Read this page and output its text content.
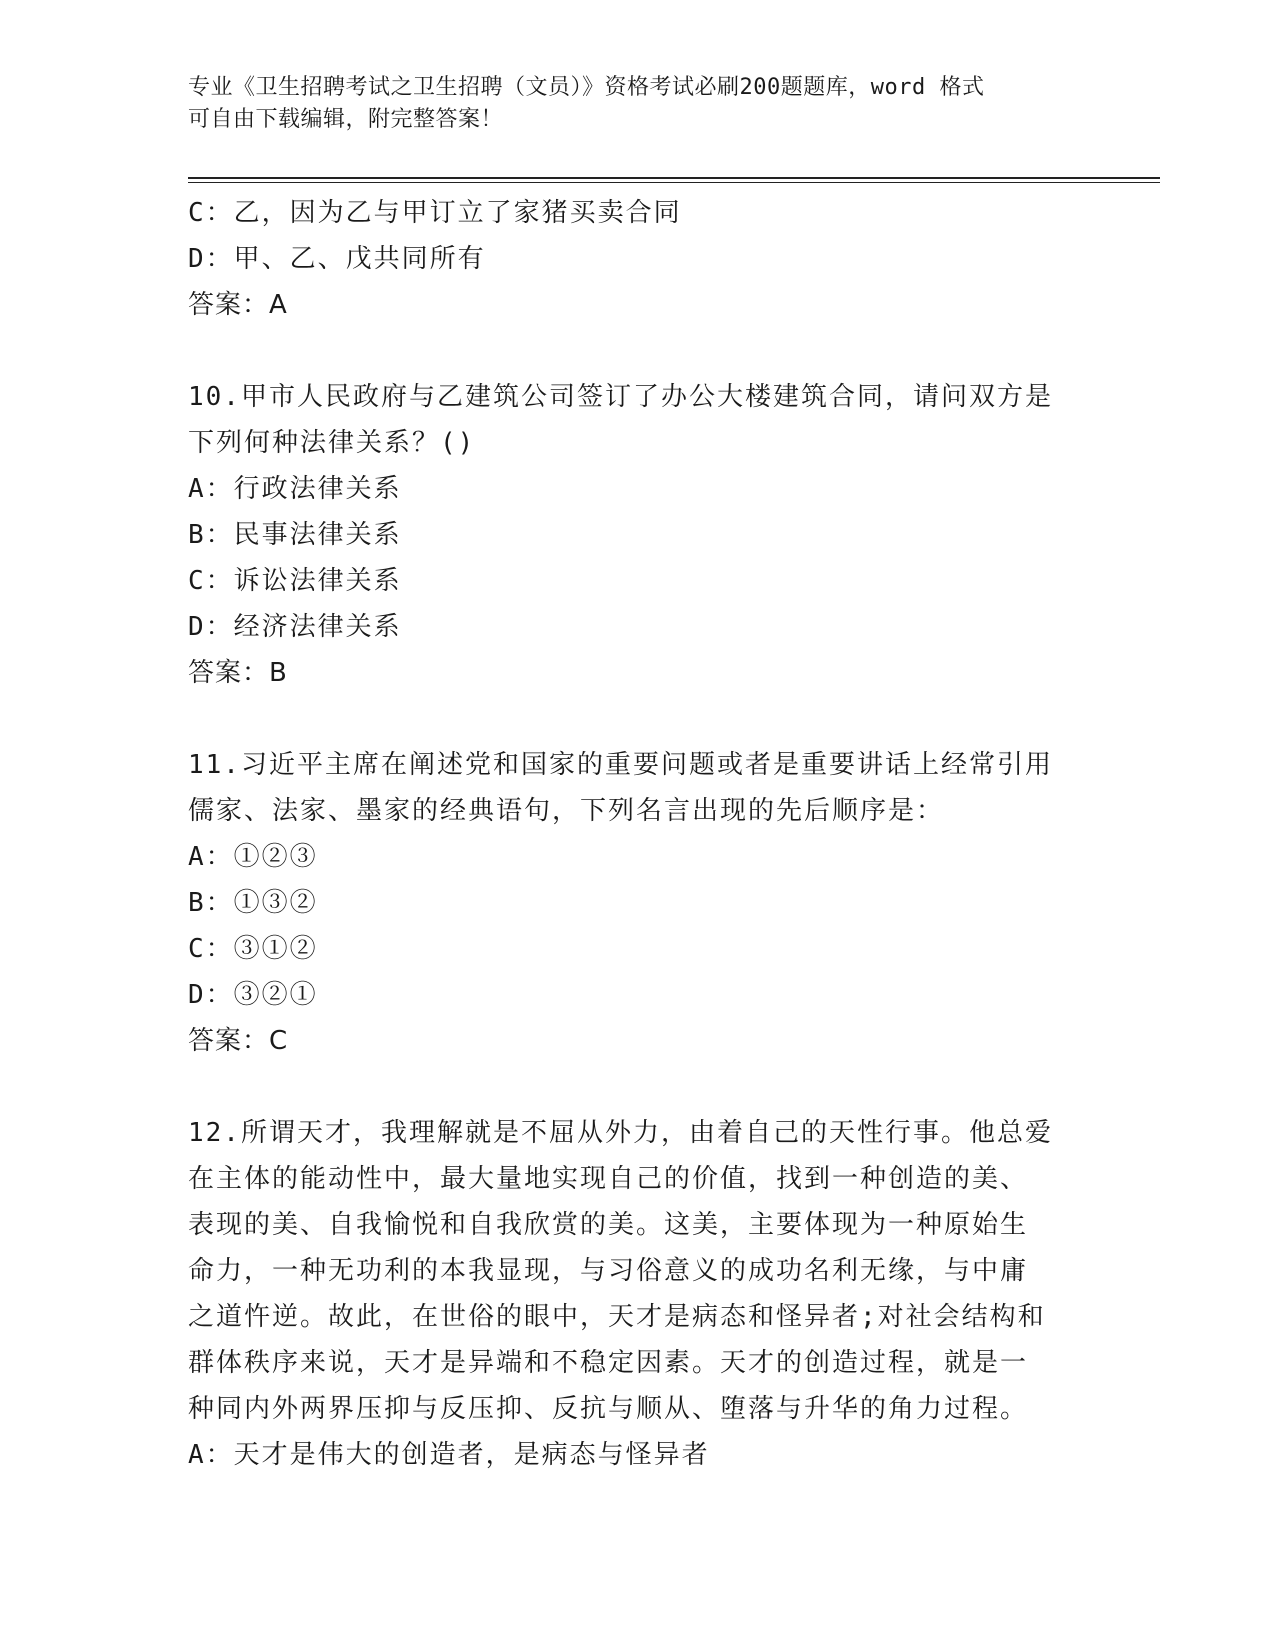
专业《卫生招聘考试之卫生招聘（文员）》资格考试必刷200题题库，word 格式

可自由下载编辑，附完整答案！

C：乙，因为乙与甲订立了家猪买卖合同
D：甲、乙、戊共同所有
答案：A
10.甲市人民政府与乙建筑公司签订了办公大楼建筑合同，请问双方是
下列何种法律关系？()
A：行政法律关系
B：民事法律关系
C：诉讼法律关系
D：经济法律关系
答案：B
11.习近平主席在阐述党和国家的重要问题或者是重要讲话上经常引用
儒家、法家、墨家的经典语句，下列名言出现的先后顺序是：
A：①②③
B：①③②
C：③①②
D：③②①
答案：C
12.所谓天才，我理解就是不屈从外力，由着自己的天性行事。他总爱
在主体的能动性中，最大量地实现自己的价值，找到一种创造的美、
表现的美、自我愉悦和自我欣赏的美。这美，主要体现为一种原始生
命力，一种无功利的本我显现，与习俗意义的成功名利无缘，与中庸
之道忤逆。故此，在世俗的眼中，天才是病态和怪异者;对社会结构和
群体秩序来说，天才是异端和不稳定因素。天才的创造过程，就是一
种同内外两界压抑与反压抑、反抗与顺从、堕落与升华的角力过程。
A：天才是伟大的创造者，是病态与怪异者
